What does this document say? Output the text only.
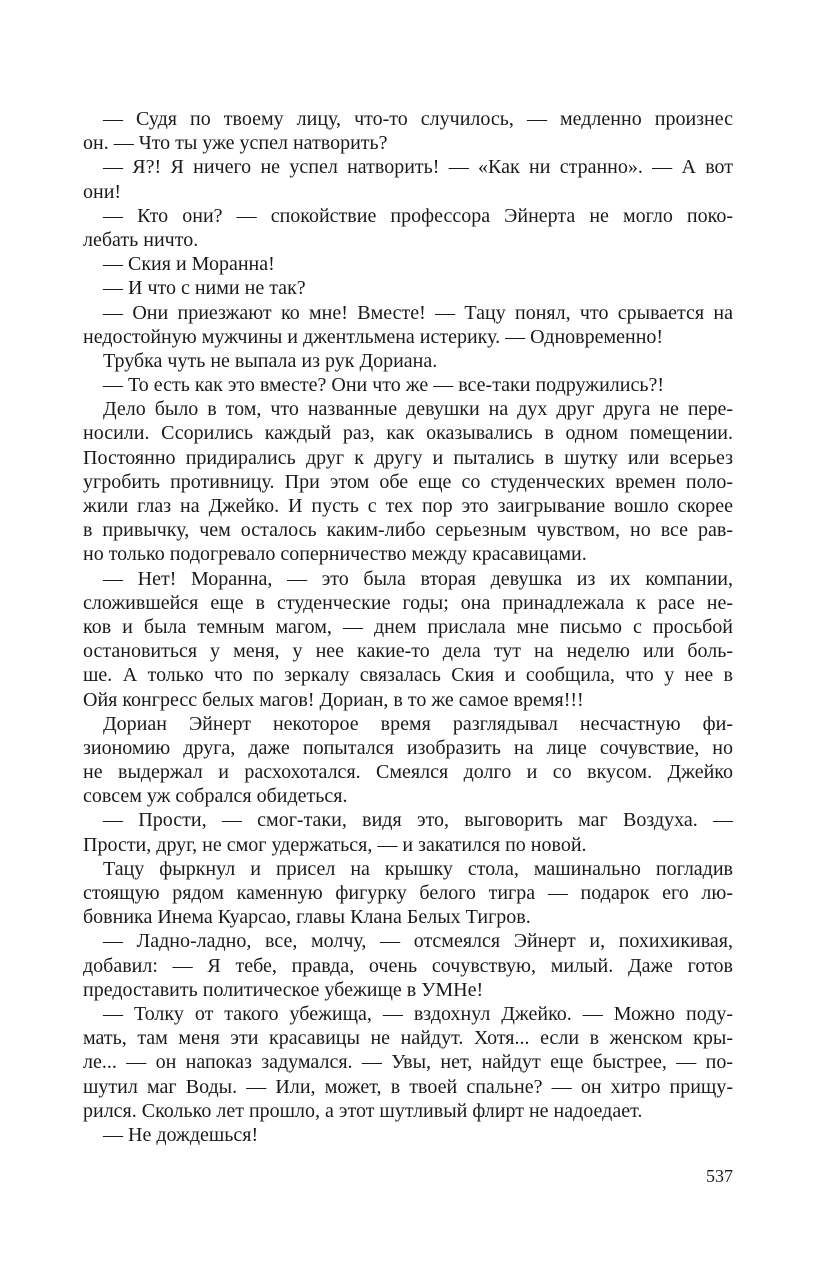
— Судя по твоему лицу, что-то случилось, — медленно произнес
он. — Что ты уже успел натворить?
— Я?! Я ничего не успел натворить! — «Как ни странно». — А вот
они!
— Кто они? — спокойствие профессора Эйнерта не могло поко-
лебать ничто.
— Ския и Моранна!
— И что с ними не так?
— Они приезжают ко мне! Вместе! — Тацу понял, что срывается на
недостойную мужчины и джентльмена истерику. — Одновременно!
Трубка чуть не выпала из рук Дориана.
— То есть как это вместе? Они что же — все-таки подружились?!
Дело было в том, что названные девушки на дух друг друга не пере-
носили. Ссорились каждый раз, как оказывались в одном помещении.
Постоянно придирались друг к другу и пытались в шутку или всерьез
угробить противницу. При этом обе еще со студенческих времен поло-
жили глаз на Джейко. И пусть с тех пор это заигрывание вошло скорее
в привычку, чем осталось каким-либо серьезным чувством, но все рав-
но только подогревало соперничество между красавицами.
— Нет! Моранна, — это была вторая девушка из их компании,
сложившейся еще в студенческие годы; она принадлежала к расе не-
ков и была темным магом, — днем прислала мне письмо с просьбой
остановиться у меня, у нее какие-то дела тут на неделю или боль-
ше. А только что по зеркалу связалась Ския и сообщила, что у нее в
Ойя конгресс белых магов! Дориан, в то же самое время!!!
Дориан Эйнерт некоторое время разглядывал несчастную фи-
зиономию друга, даже попытался изобразить на лице сочувствие, но
не выдержал и расхохотался. Смеялся долго и со вкусом. Джейко
совсем уж собрался обидеться.
— Прости, — смог-таки, видя это, выговорить маг Воздуха. —
Прости, друг, не смог удержаться, — и закатился по новой.
Тацу фыркнул и присел на крышку стола, машинально погладив
стоящую рядом каменную фигурку белого тигра — подарок его лю-
бовника Инема Куарсао, главы Клана Белых Тигров.
— Ладно-ладно, все, молчу, — отсмеялся Эйнерт и, похихикивая,
добавил: — Я тебе, правда, очень сочувствую, милый. Даже готов
предоставить политическое убежище в УМНе!
— Толку от такого убежища, — вздохнул Джейко. — Можно поду-
мать, там меня эти красавицы не найдут. Хотя... если в женском кры-
ле... — он напоказ задумался. — Увы, нет, найдут еще быстрее, — по-
шутил маг Воды. — Или, может, в твоей спальне? — он хитро прищу-
рился. Сколько лет прошло, а этот шутливый флирт не надоедает.
— Не дождешься!
537
